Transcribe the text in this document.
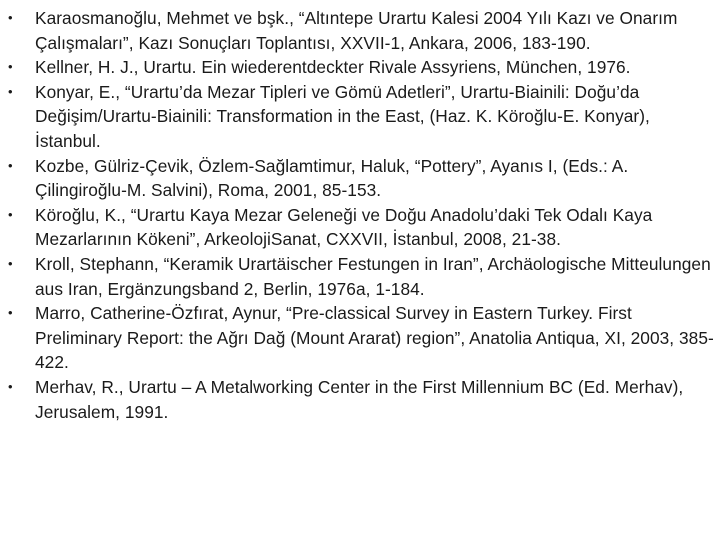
•	Karaosmanoğlu, Mehmet ve bşk., “Altıntepe Urartu Kalesi 2004 Yılı Kazı ve Onarım Çalışmaları”, Kazı Sonuçları Toplantısı, XXVII-1, Ankara, 2006, 183-190.
•	Kellner, H. J., Urartu. Ein wiederentdeckter Rivale Assyriens, München, 1976.
•	Konyar, E., “Urartu’da Mezar Tipleri ve Gömü Adetleri”, Urartu-Biainili: Doğu’da Değişim/Urartu-Biainili: Transformation in the East, (Haz. K. Köroğlu-E. Konyar), İstanbul.
•	Kozbe, Gülriz-Çevik, Özlem-Sağlamtimur, Haluk, “Pottery”, Ayanıs I, (Eds.: A. Çilingiroğlu-M. Salvini), Roma, 2001, 85-153.
•	Köroğlu, K., “Urartu Kaya Mezar Geleneği ve Doğu Anadolu’daki Tek Odalı Kaya Mezarlarının Kökeni”, ArkeolojiSanat, CXXVII, İstanbul, 2008, 21-38.
•	Kroll, Stephann, “Keramik Urartäischer Festungen in Iran”, Archäologische Mitteulungen aus Iran, Ergänzungsband 2, Berlin, 1976a, 1-184.
•	Marro, Catherine-Özfırat, Aynur, “Pre-classical Survey in Eastern Turkey. First Preliminary Report: the Ağrı Dağ (Mount Ararat) region”, Anatolia Antiqua, XI, 2003, 385-422.
•	Merhav, R., Urartu – A Metalworking Center in the First Millennium BC (Ed. Merhav), Jerusalem, 1991.
